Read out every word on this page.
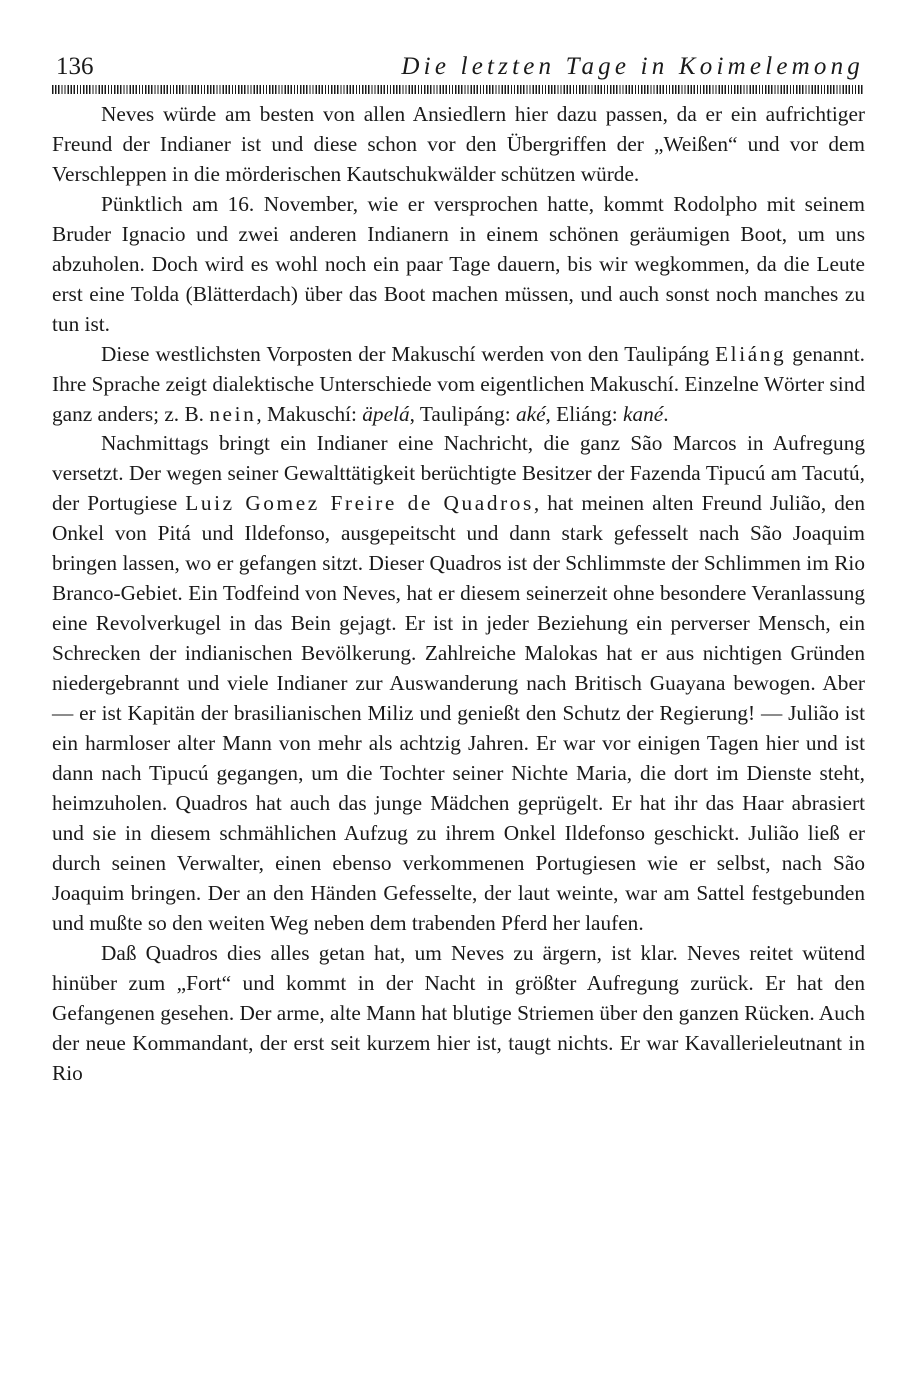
136	Die letzten Tage in Koimelemong

Neves würde am besten von allen Ansiedlern hier dazu passen, da er ein aufrichtiger Freund der Indianer ist und diese schon vor den Übergriffen der „Weißen“ und vor dem Verschleppen in die mörderischen Kautschukwälder schützen würde.

Pünktlich am 16. November, wie er versprochen hatte, kommt Rodolpho mit seinem Bruder Ignacio und zwei anderen Indianern in einem schönen geräumigen Boot, um uns abzuholen. Doch wird es wohl noch ein paar Tage dauern, bis wir wegkommen, da die Leute erst eine Tolda (Blätterdach) über das Boot machen müssen, und auch sonst noch manches zu tun ist.

Diese westlichsten Vorposten der Makuschí werden von den Taulipáng Eliáng genannt. Ihre Sprache zeigt dialektische Unterschiede vom eigentlichen Makuschí. Einzelne Wörter sind ganz anders; z. B. nein, Makuschí: äpelá, Taulipáng: aké, Eliáng: kané.

Nachmittags bringt ein Indianer eine Nachricht, die ganz São Marcos in Aufregung versetzt. Der wegen seiner Gewalttätigkeit berüchtigte Besitzer der Fazenda Tipucú am Tacutú, der Portugiese Luiz Gomez Freire de Quadros, hat meinen alten Freund Julião, den Onkel von Pitá und Ildefonso, ausgepeitscht und dann stark gefesselt nach São Joaquim bringen lassen, wo er gefangen sitzt. Dieser Quadros ist der Schlimmste der Schlimmen im Rio Branco-Gebiet. Ein Todfeind von Neves, hat er diesem seinerzeit ohne besondere Veranlassung eine Revolverkugel in das Bein gejagt. Er ist in jeder Beziehung ein perverser Mensch, ein Schrecken der indianischen Bevölkerung. Zahlreiche Malokas hat er aus nichtigen Gründen niedergebrannt und viele Indianer zur Auswanderung nach Britisch Guayana bewogen. Aber — er ist Kapitän der brasilianischen Miliz und genießt den Schutz der Regierung! — Julião ist ein harmloser alter Mann von mehr als achtzig Jahren. Er war vor einigen Tagen hier und ist dann nach Tipucú gegangen, um die Tochter seiner Nichte Maria, die dort im Dienste steht, heimzuholen. Quadros hat auch das junge Mädchen geprügelt. Er hat ihr das Haar abrasiert und sie in diesem schmählichen Aufzug zu ihrem Onkel Ildefonso geschickt. Julião ließ er durch seinen Verwalter, einen ebenso verkommenen Portugiesen wie er selbst, nach São Joaquim bringen. Der an den Händen Gefesselte, der laut weinte, war am Sattel festgebunden und mußte so den weiten Weg neben dem trabenden Pferd her laufen.

Daß Quadros dies alles getan hat, um Neves zu ärgern, ist klar. Neves reitet wütend hinüber zum „Fort“ und kommt in der Nacht in größter Aufregung zurück. Er hat den Gefangenen gesehen. Der arme, alte Mann hat blutige Striemen über den ganzen Rücken. Auch der neue Kommandant, der erst seit kurzem hier ist, taugt nichts. Er war Kavallerieleutnant in Rio
